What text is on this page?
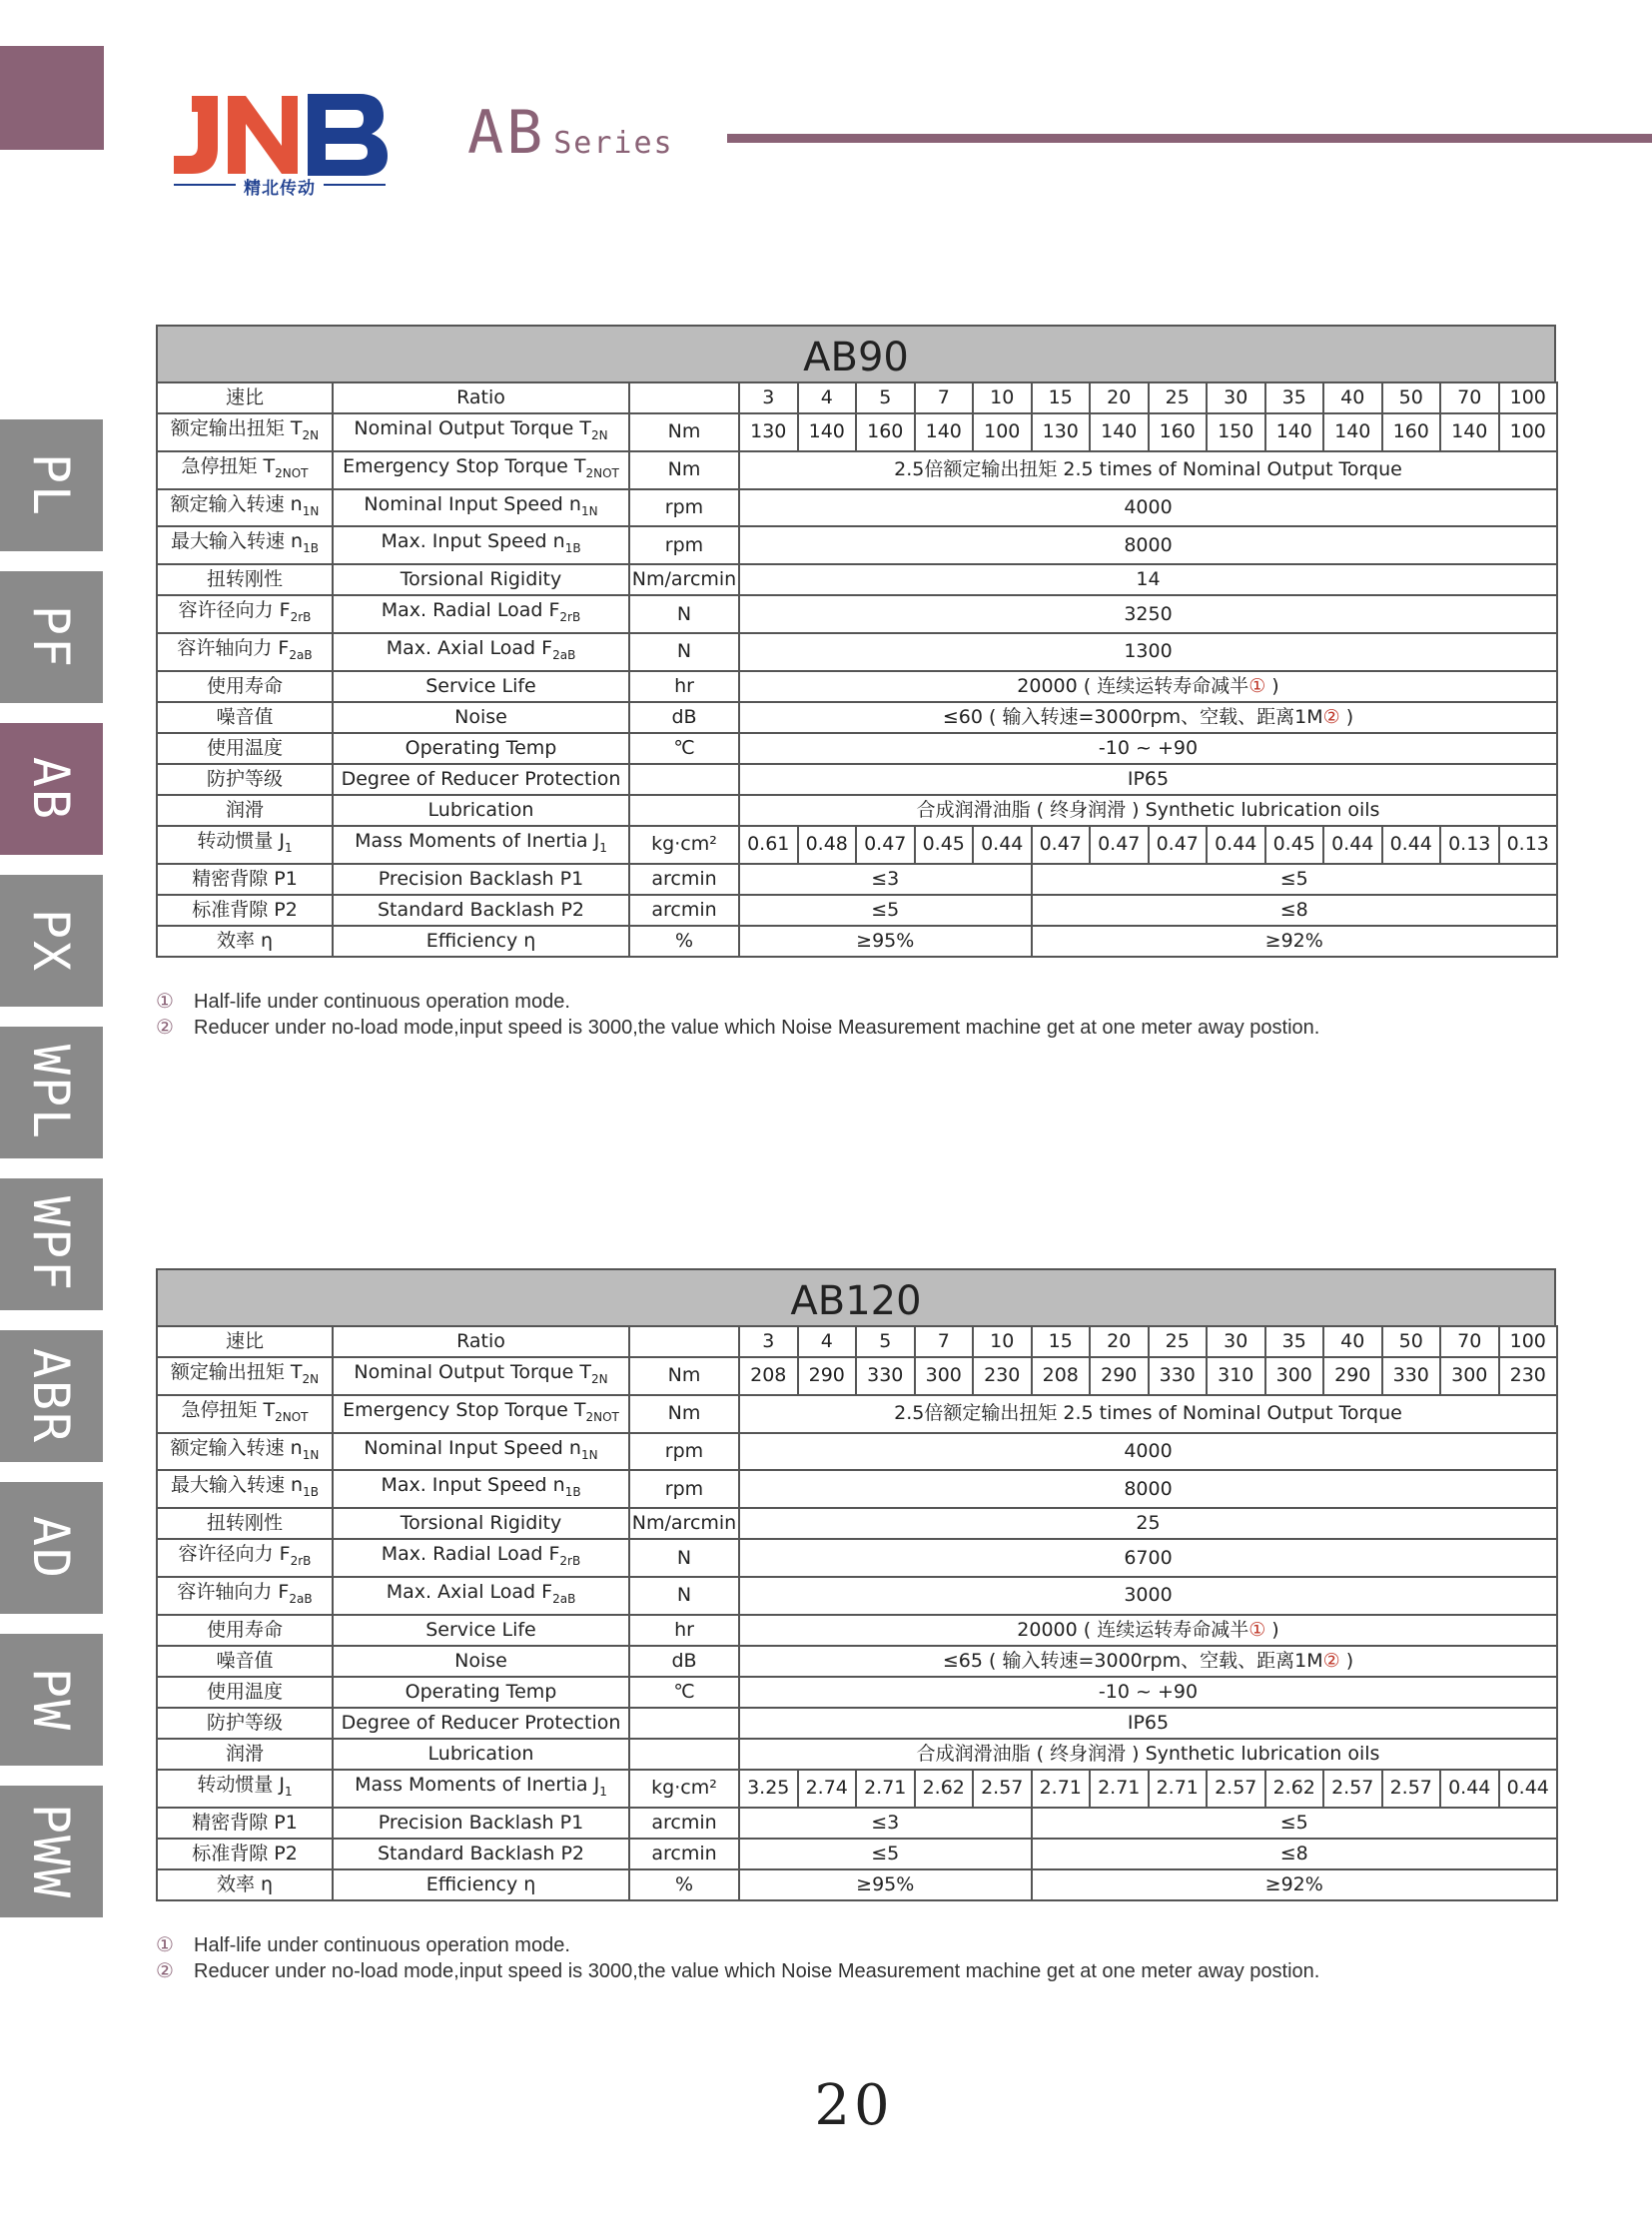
精北传动
AB Series
PL
PF
AB
PX
WPL
WPF
ABR
AD
PW
PWW
AB90
速比	Ratio		3	4	5	7	10	15	20	25	30	35	40	50	70	100
额定输出扭矩 $T_{2N}$	Nominal Output Torque $T_{2N}$	Nm	130	140	160	140	100	130	140	160	150	140	140	160	140	100
急停扭矩 $T_{2NOT}$	Emergency Stop Torque $T_{2NOT}$	Nm	2.5倍额定输出扭矩 2.5 times of Nominal Output Torque													
额定输入转速 $n_{1N}$	Nominal Input Speed $n_{1N}$	rpm	4000													
最大输入转速 $n_{1B}$	Max. Input Speed $n_{1B}$	rpm	8000													
扭转刚性	Torsional Rigidity	Nm/arcmin	14													
容许径向力 $F_{2rB}$	Max. Radial Load $F_{2rB}$	N	3250													
容许轴向力 $F_{2aB}$	Max. Axial Load $F_{2aB}$	N	1300													
使用寿命	Service Life	hr	20000 ( 连续运转寿命减半① )													
噪音值	Noise	dB	≤60 ( 输入转速=3000rpm、空载、距离1M② )													
使用温度	Operating Temp	℃	-10 ~ +90													
防护等级	Degree of Reducer Protection		IP65													
润滑	Lubrication		合成润滑油脂 ( 终身润滑 ) Synthetic lubrication oils													
转动惯量 $J_1$	Mass Moments of Inertia $J_1$	kg·cm²	0.61	0.48	0.47	0.45	0.44	0.47	0.47	0.47	0.44	0.45	0.44	0.44	0.13	0.13
精密背隙 P1	Precision Backlash P1	arcmin	≤3					≤5								
标准背隙 P2	Standard Backlash P2	arcmin	≤5					≤8								
效率 η	Efficiency η	%	≥95%					≥92%								
① Half-life under continuous operation mode.
② Reducer under no-load mode,input speed is 3000,the value which Noise Measurement machine get at one meter away postion.
AB120
速比	Ratio		3	4	5	7	10	15	20	25	30	35	40	50	70	100
额定输出扭矩 $T_{2N}$	Nominal Output Torque $T_{2N}$	Nm	208	290	330	300	230	208	290	330	310	300	290	330	300	230
急停扭矩 $T_{2NOT}$	Emergency Stop Torque $T_{2NOT}$	Nm	2.5倍额定输出扭矩 2.5 times of Nominal Output Torque													
额定输入转速 $n_{1N}$	Nominal Input Speed $n_{1N}$	rpm	4000													
最大输入转速 $n_{1B}$	Max. Input Speed $n_{1B}$	rpm	8000													
扭转刚性	Torsional Rigidity	Nm/arcmin	25													
容许径向力 $F_{2rB}$	Max. Radial Load $F_{2rB}$	N	6700													
容许轴向力 $F_{2aB}$	Max. Axial Load $F_{2aB}$	N	3000													
使用寿命	Service Life	hr	20000 ( 连续运转寿命减半① )													
噪音值	Noise	dB	≤65 ( 输入转速=3000rpm、空载、距离1M② )													
使用温度	Operating Temp	℃	-10 ~ +90													
防护等级	Degree of Reducer Protection		IP65													
润滑	Lubrication		合成润滑油脂 ( 终身润滑 ) Synthetic lubrication oils													
转动惯量 $J_1$	Mass Moments of Inertia $J_1$	kg·cm²	3.25	2.74	2.71	2.62	2.57	2.71	2.71	2.71	2.57	2.62	2.57	2.57	0.44	0.44
精密背隙 P1	Precision Backlash P1	arcmin	≤3					≤5								
标准背隙 P2	Standard Backlash P2	arcmin	≤5					≤8								
效率 η	Efficiency η	%	≥95%					≥92%								
① Half-life under continuous operation mode.
② Reducer under no-load mode,input speed is 3000,the value which Noise Measurement machine get at one meter away postion.
20
